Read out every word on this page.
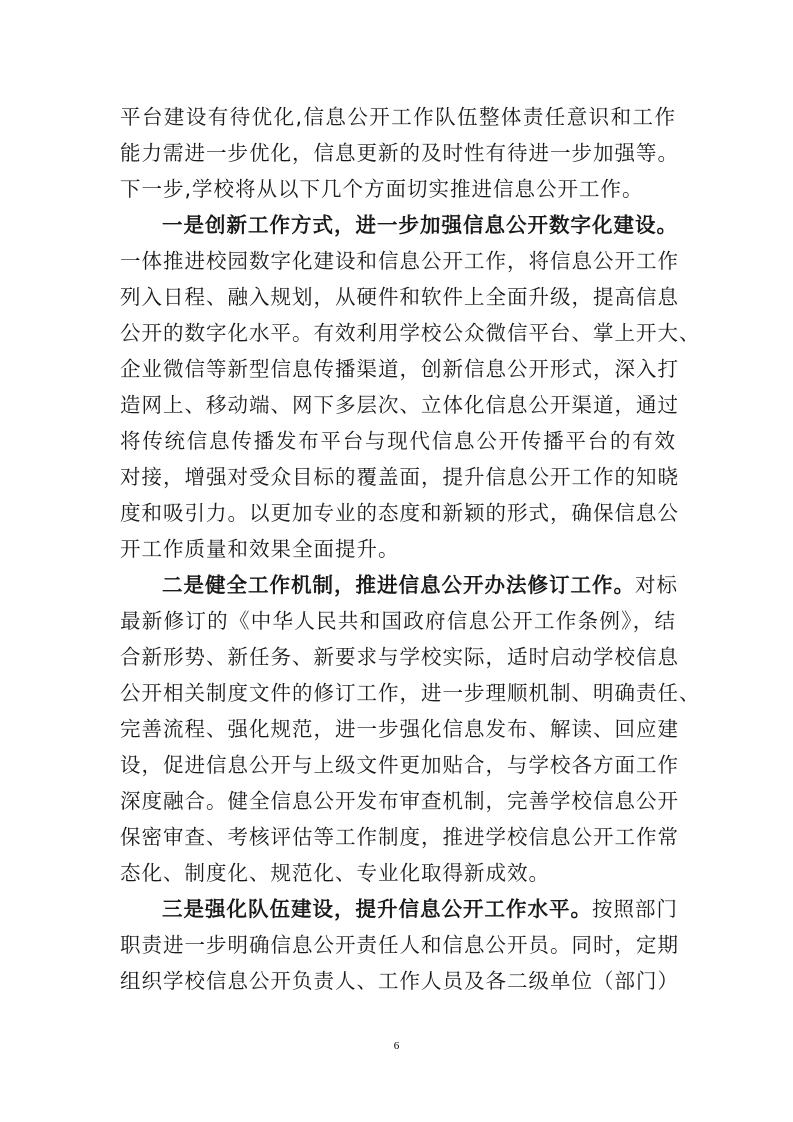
平台建设有待优化,信息公开工作队伍整体责任意识和工作
能力需进一步优化，信息更新的及时性有待进一步加强等。
下一步,学校将从以下几个方面切实推进信息公开工作。
一是创新工作方式，进一步加强信息公开数字化建设。
一体推进校园数字化建设和信息公开工作，将信息公开工作
列入日程、融入规划，从硬件和软件上全面升级，提高信息
公开的数字化水平。有效利用学校公众微信平台、掌上开大、
企业微信等新型信息传播渠道，创新信息公开形式，深入打
造网上、移动端、网下多层次、立体化信息公开渠道，通过
将传统信息传播发布平台与现代信息公开传播平台的有效
对接，增强对受众目标的覆盖面，提升信息公开工作的知晓
度和吸引力。以更加专业的态度和新颖的形式，确保信息公
开工作质量和效果全面提升。
二是健全工作机制，推进信息公开办法修订工作。对标
最新修订的《中华人民共和国政府信息公开工作条例》，结
合新形势、新任务、新要求与学校实际，适时启动学校信息
公开相关制度文件的修订工作，进一步理顺机制、明确责任、
完善流程、强化规范，进一步强化信息发布、解读、回应建
设，促进信息公开与上级文件更加贴合，与学校各方面工作
深度融合。健全信息公开发布审查机制，完善学校信息公开
保密审查、考核评估等工作制度，推进学校信息公开工作常
态化、制度化、规范化、专业化取得新成效。
三是强化队伍建设，提升信息公开工作水平。按照部门
职责进一步明确信息公开责任人和信息公开员。同时，定期
组织学校信息公开负责人、工作人员及各二级单位（部门）
6
